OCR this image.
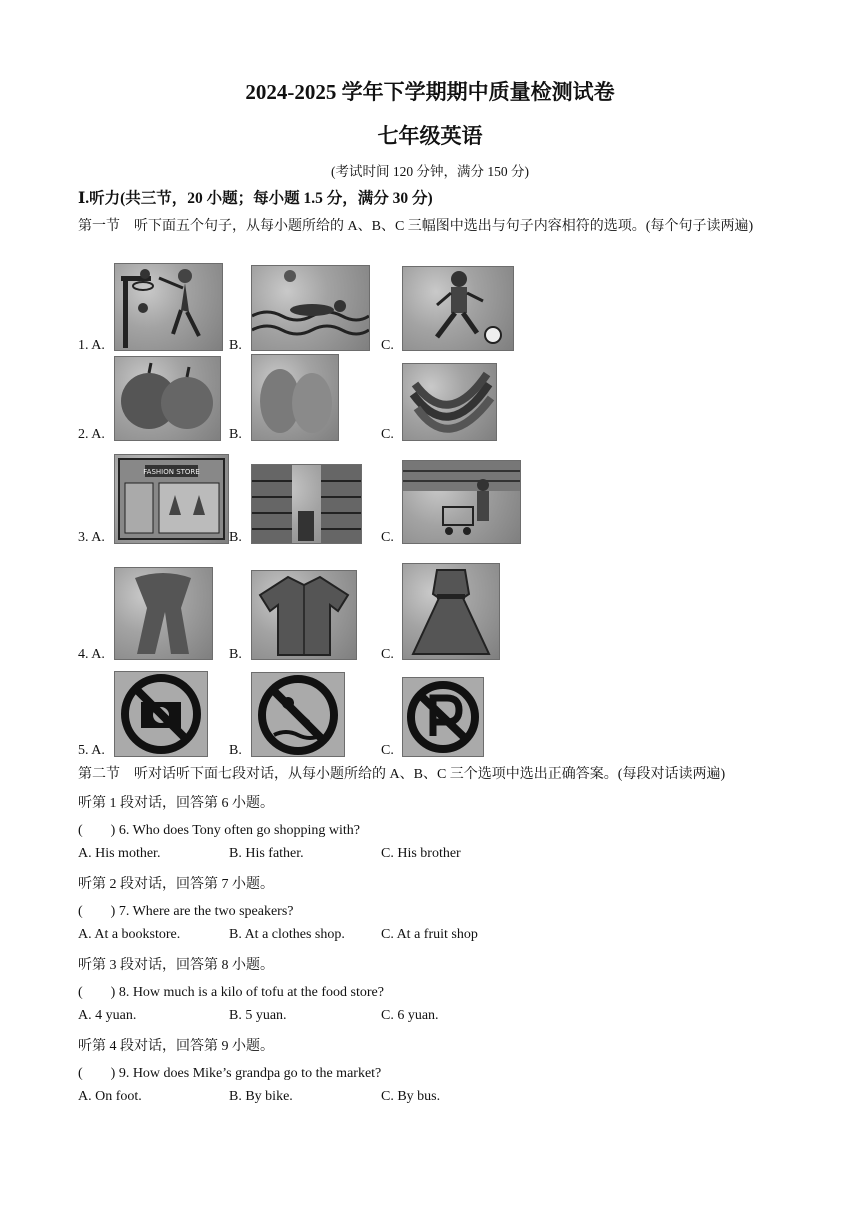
2024-2025 学年下学期期中质量检测试卷
七年级英语
(考试时间 120 分钟，满分 150 分)
Ⅰ.听力(共三节，20 小题；每小题 1.5 分，满分 30 分)
第一节　听下面五个句子，从每小题所给的 A、B、C 三幅图中选出与句子内容相符的选项。(每个句子读两遍)
1. A.	B.	C.
2. A.	B.	C.
3. A.
FASHION STORE
B.	C.
4. A.	B.	C.
5. A.	B.	C.
第二节　听对话听下面七段对话，从每小题所给的 A、B、C 三个选项中选出正确答案。(每段对话读两遍)
听第 1 段对话，回答第 6 小题。
(　　) 6. Who does Tony often go shopping with?
A. His mother.	B. His father.	C. His brother
听第 2 段对话，回答第 7 小题。
(　　) 7. Where are the two speakers?
A. At a bookstore.	B. At a clothes shop.	C. At a fruit shop
听第 3 段对话，回答第 8 小题。
(　　) 8. How much is a kilo of tofu at the food store?
A. 4 yuan.	B. 5 yuan.	C. 6 yuan.
听第 4 段对话，回答第 9 小题。
(　　) 9. How does Mike’s grandpa go to the market?
A. On foot.	B. By bike.	C. By bus.
